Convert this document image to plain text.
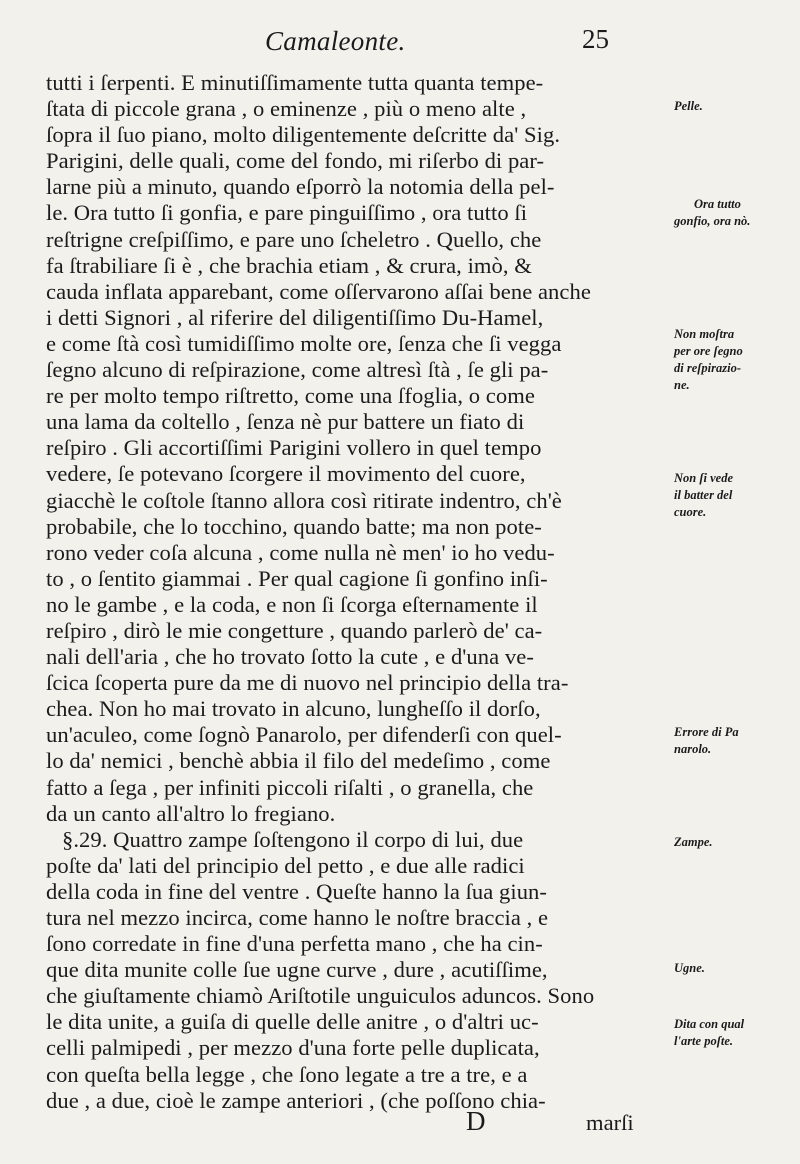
Camaleonte.	25
tutti i ſerpenti. E minutiſſimamente tutta quanta tempe-
ſtata di piccole grana , o eminenze , più o meno alte ,
ſopra il ſuo piano, molto diligentemente deſcritte da' Sig.
Parigini, delle quali, come del fondo, mi riſerbo di par-
larne più a minuto, quando eſporrò la notomia della pel-
le. Ora tutto ſi gonfia, e pare pinguiſſimo , ora tutto ſi
reſtrigne creſpiſſimo, e pare uno ſcheletro . Quello, che
fa ſtrabiliare ſi è , che brachia etiam , & crura, imò, &
cauda inflata apparebant, come oſſervarono aſſai bene anche
i detti Signori , al riferire del diligentiſſimo Du-Hamel,
e come ſtà così tumidiſſimo molte ore, ſenza che ſi vegga
ſegno alcuno di reſpirazione, come altresì ſtà , ſe gli pa-
re per molto tempo riſtretto, come una ſfoglia, o come
una lama da coltello , ſenza nè pur battere un fiato di
reſpiro . Gli accortiſſimi Parigini vollero in quel tempo
vedere, ſe potevano ſcorgere il movimento del cuore,
giacchè le coſtole ſtanno allora così ritirate indentro, ch'è
probabile, che lo tocchino, quando batte; ma non pote-
rono veder coſa alcuna , come nulla nè men' io ho vedu-
to , o ſentito giammai . Per qual cagione ſi gonfino inſi-
no le gambe , e la coda, e non ſi ſcorga eſternamente il
reſpiro , dirò le mie congetture , quando parlerò de' ca-
nali dell'aria , che ho trovato ſotto la cute , e d'una ve-
ſcica ſcoperta pure da me di nuovo nel principio della tra-
chea. Non ho mai trovato in alcuno, lungheſſo il dorſo,
un'aculeo, come ſognò Panarolo, per difenderſi con quel-
lo da' nemici , benchè abbia il filo del medeſimo , come
fatto a ſega , per infiniti piccoli riſalti , o granella, che
da un canto all'altro lo fregiano.
§.29. Quattro zampe ſoſtengono il corpo di lui, due
poſte da' lati del principio del petto , e due alle radici
della coda in fine del ventre . Queſte hanno la ſua giun-
tura nel mezzo incirca, come hanno le noſtre braccia , e
ſono corredate in fine d'una perfetta mano , che ha cin-
que dita munite colle ſue ugne curve , dure , acutiſſime,
che giuſtamente chiamò Ariſtotile unguiculos aduncos. Sono
le dita unite, a guiſa di quelle delle anitre , o d'altri uc-
celli palmipedi , per mezzo d'una forte pelle duplicata,
con queſta bella legge , che ſono legate a tre a tre, e a
due , a due, cioè le zampe anteriori , (che poſſono chia-
Pelle.
Ora tutto
gonfio, ora nò.
Non moſtra
per ore ſegno
di reſpirazio-
ne.
Non ſi vede
il batter del
cuore.
Errore di Pa
narolo.
Zampe.
Ugne.
Dita con qual
l'arte poſte.
D	marſi
